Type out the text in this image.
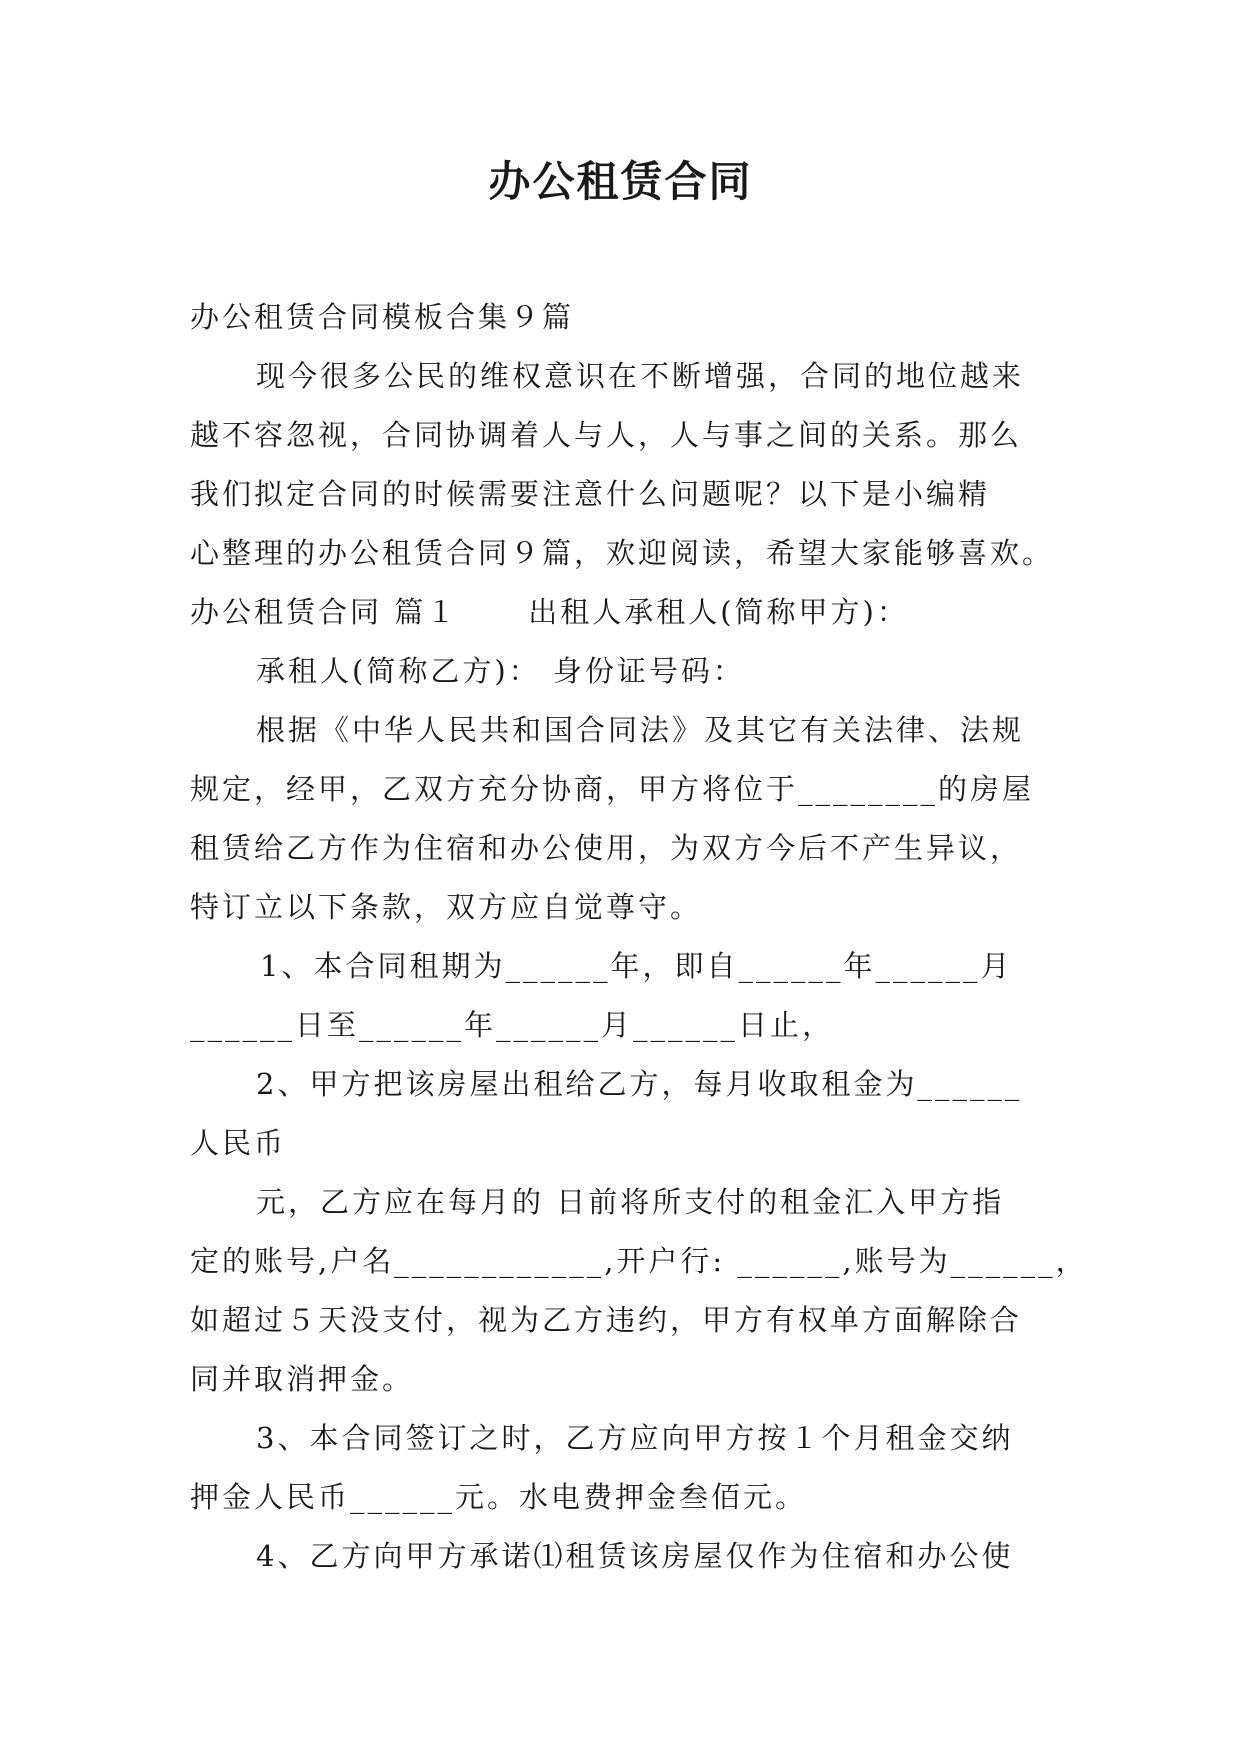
办公租赁合同
办公租赁合同模板合集９篇
现今很多公民的维权意识在不断增强，合同的地位越来
越不容忽视，合同协调着人与人，人与事之间的关系。那么
我们拟定合同的时候需要注意什么问题呢？以下是小编精
心整理的办公租赁合同９篇，欢迎阅读，希望大家能够喜欢。
办公租赁合同 篇１ 出租人承租人(简称甲方)：
承租人(简称乙方)： 身份证号码：
根据《中华人民共和国合同法》及其它有关法律、法规
规定，经甲，乙双方充分协商，甲方将位于________的房屋
租赁给乙方作为住宿和办公使用，为双方今后不产生异议，
特订立以下条款，双方应自觉尊守。
1、本合同租期为______年，即自______年______月
______日至______年______月______日止，
2、甲方把该房屋出租给乙方，每月收取租金为______
人民币
元，乙方应在每月的 日前将所支付的租金汇入甲方指
定的账号,户名____________,开户行: ______,账号为______，
如超过５天没支付，视为乙方违约，甲方有权单方面解除合
同并取消押金。
3、本合同签订之时，乙方应向甲方按１个月租金交纳
押金人民币______元。水电费押金叁佰元。
4、乙方向甲方承诺⑴租赁该房屋仅作为住宿和办公使
